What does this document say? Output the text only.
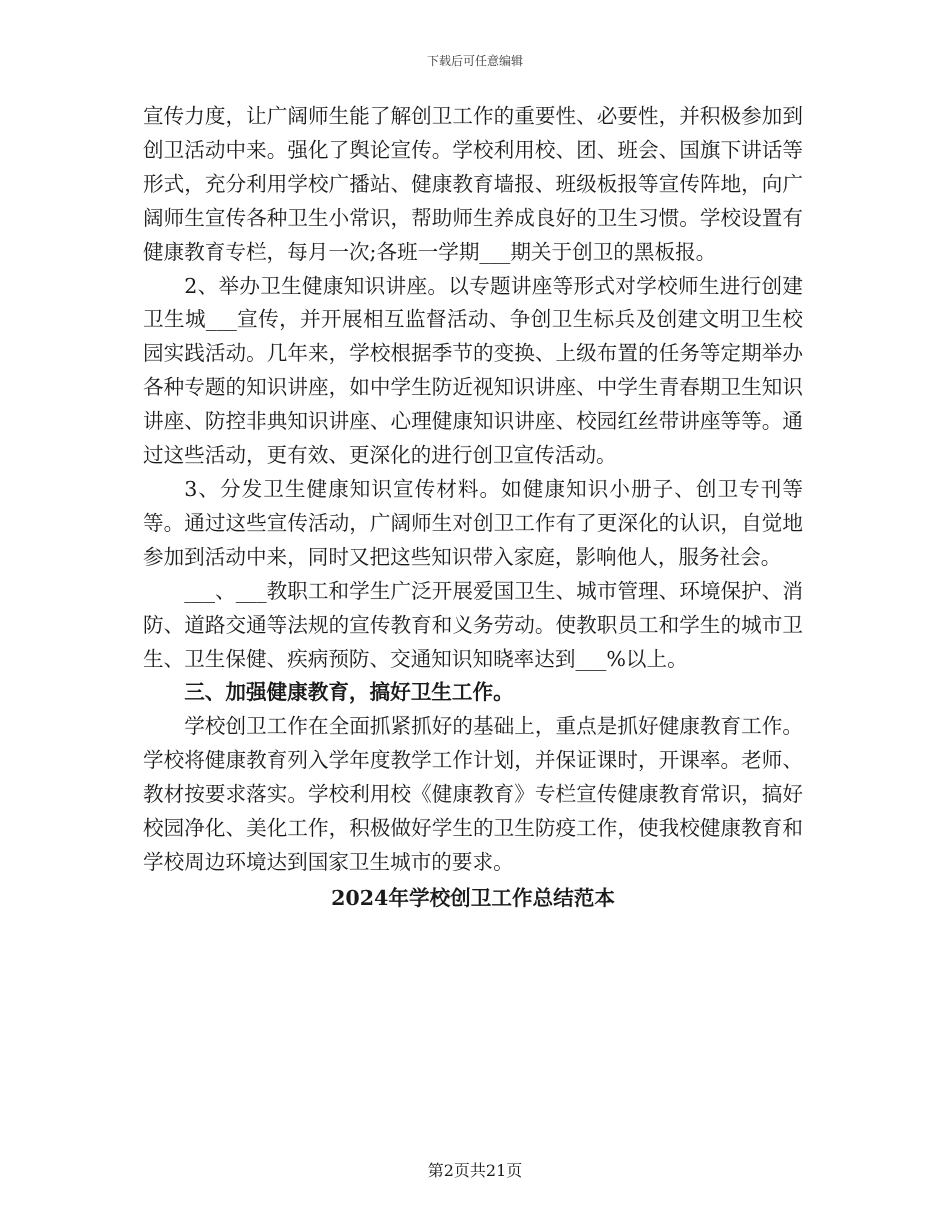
下载后可任意编辑

宣传力度，让广阔师生能了解创卫工作的重要性、必要性，并积极参加到创卫活动中来。强化了舆论宣传。学校利用校、团、班会、国旗下讲话等形式，充分利用学校广播站、健康教育墙报、班级板报等宣传阵地，向广阔师生宣传各种卫生小常识，帮助师生养成良好的卫生习惯。学校设置有健康教育专栏，每月一次;各班一学期___期关于创卫的黑板报。

2、举办卫生健康知识讲座。以专题讲座等形式对学校师生进行创建卫生城___宣传，并开展相互监督活动、争创卫生标兵及创建文明卫生校园实践活动。几年来，学校根据季节的变换、上级布置的任务等定期举办各种专题的知识讲座，如中学生防近视知识讲座、中学生青春期卫生知识讲座、防控非典知识讲座、心理健康知识讲座、校园红丝带讲座等等。通过这些活动，更有效、更深化的进行创卫宣传活动。

3、分发卫生健康知识宣传材料。如健康知识小册子、创卫专刊等等。通过这些宣传活动，广阔师生对创卫工作有了更深化的认识，自觉地参加到活动中来，同时又把这些知识带入家庭，影响他人，服务社会。

___、___教职工和学生广泛开展爱国卫生、城市管理、环境保护、消防、道路交通等法规的宣传教育和义务劳动。使教职员工和学生的城市卫生、卫生保健、疾病预防、交通知识知晓率达到___%以上。

三、加强健康教育，搞好卫生工作。

学校创卫工作在全面抓紧抓好的基础上，重点是抓好健康教育工作。学校将健康教育列入学年度教学工作计划，并保证课时，开课率。老师、教材按要求落实。学校利用校《健康教育》专栏宣传健康教育常识，搞好校园净化、美化工作，积极做好学生的卫生防疫工作，使我校健康教育和学校周边环境达到国家卫生城市的要求。

2024年学校创卫工作总结范本

第2页共21页
